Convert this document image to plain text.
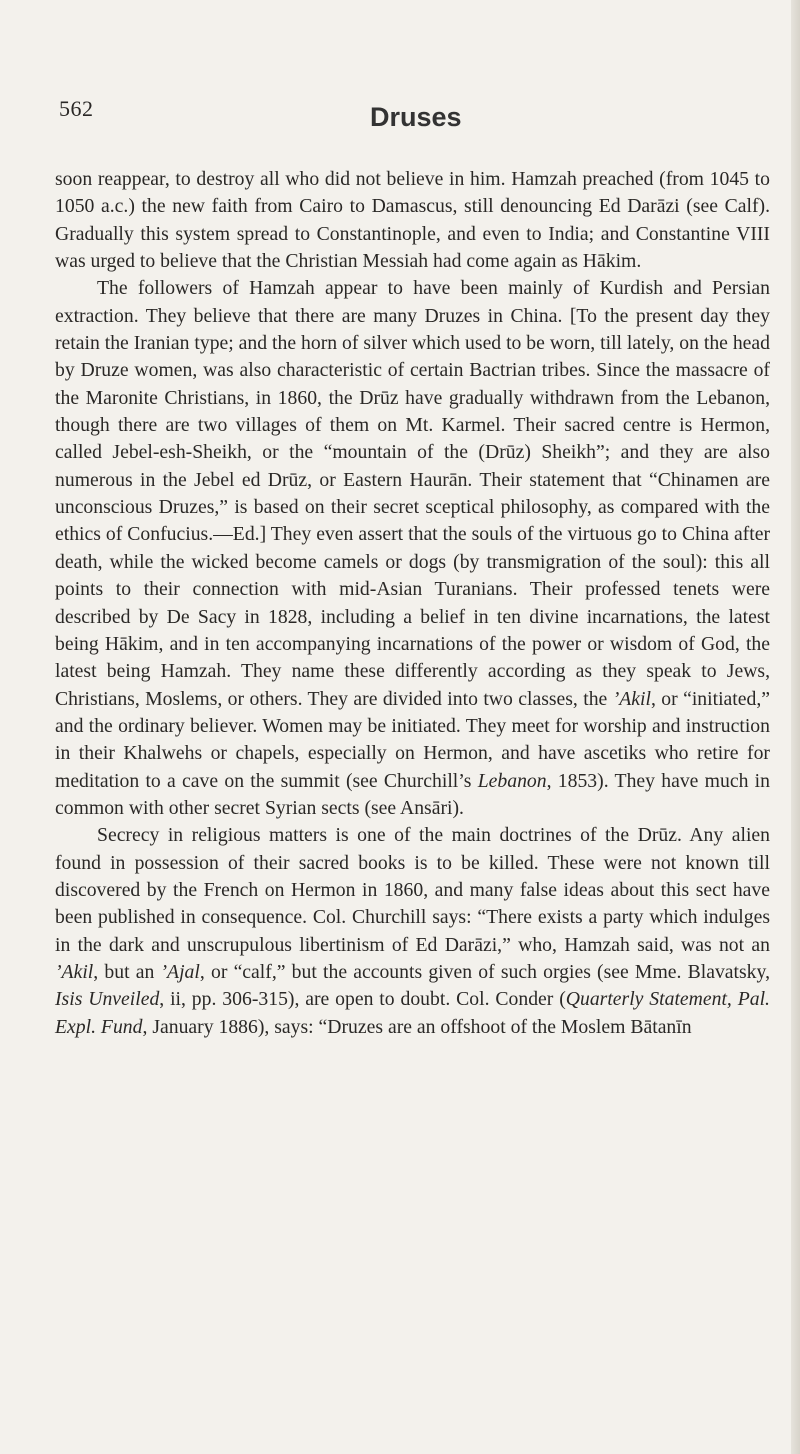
562	Druses

soon reappear, to destroy all who did not believe in him. Hamzah preached (from 1045 to 1050 a.c.) the new faith from Cairo to Damascus, still denouncing Ed Darāzi (see Calf). Gradually this system spread to Constantinople, and even to India; and Constantine VIII was urged to believe that the Christian Messiah had come again as Hākim.

The followers of Hamzah appear to have been mainly of Kurdish and Persian extraction. They believe that there are many Druzes in China. [To the present day they retain the Iranian type; and the horn of silver which used to be worn, till lately, on the head by Druze women, was also characteristic of certain Bactrian tribes. Since the massacre of the Maronite Christians, in 1860, the Drūz have gradually withdrawn from the Lebanon, though there are two villages of them on Mt. Karmel. Their sacred centre is Hermon, called Jebel-esh-Sheikh, or the “mountain of the (Drūz) Sheikh”; and they are also numerous in the Jebel ed Drūz, or Eastern Haurān. Their statement that “Chinamen are unconscious Druzes,” is based on their secret sceptical philosophy, as compared with the ethics of Confucius.—Ed.] They even assert that the souls of the virtuous go to China after death, while the wicked become camels or dogs (by transmigration of the soul): this all points to their connection with mid-Asian Turanians. Their professed tenets were described by De Sacy in 1828, including a belief in ten divine incarnations, the latest being Hākim, and in ten accompanying incarnations of the power or wisdom of God, the latest being Hamzah. They name these differently according as they speak to Jews, Christians, Moslems, or others. They are divided into two classes, the ’Akil, or “initiated,” and the ordinary believer. Women may be initiated. They meet for worship and instruction in their Khalwehs or chapels, especially on Hermon, and have ascetiks who retire for meditation to a cave on the summit (see Churchill’s Lebanon, 1853). They have much in common with other secret Syrian sects (see Ansāri).

Secrecy in religious matters is one of the main doctrines of the Drūz. Any alien found in possession of their sacred books is to be killed. These were not known till discovered by the French on Hermon in 1860, and many false ideas about this sect have been published in consequence. Col. Churchill says: “There exists a party which indulges in the dark and unscrupulous libertinism of Ed Darāzi,” who, Hamzah said, was not an ’Akil, but an ’Ajal, or “calf,” but the accounts given of such orgies (see Mme. Blavatsky, Isis Unveiled, ii, pp. 306-315), are open to doubt. Col. Conder (Quarterly Statement, Pal. Expl. Fund, January 1886), says: “Druzes are an offshoot of the Moslem Bātanīn
